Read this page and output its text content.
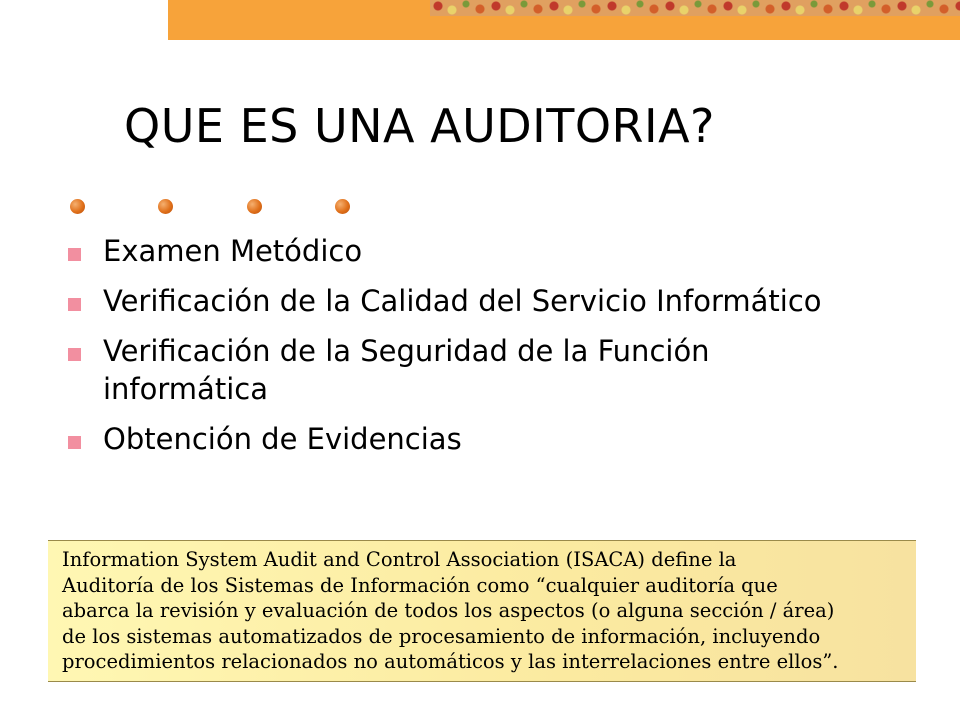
QUE ES UNA AUDITORIA?
Examen Metódico
Verificación de la Calidad del Servicio Informático
Verificación de la Seguridad de la Función informática
Obtención de Evidencias

Information System Audit and Control Association (ISACA) define la
Auditoría de los Sistemas de Información como “cualquier auditoría que
abarca la revisión y evaluación de todos los aspectos (o alguna sección / área)
de los sistemas automatizados de procesamiento de información, incluyendo
procedimientos relacionados no automáticos y las interrelaciones entre ellos”.
